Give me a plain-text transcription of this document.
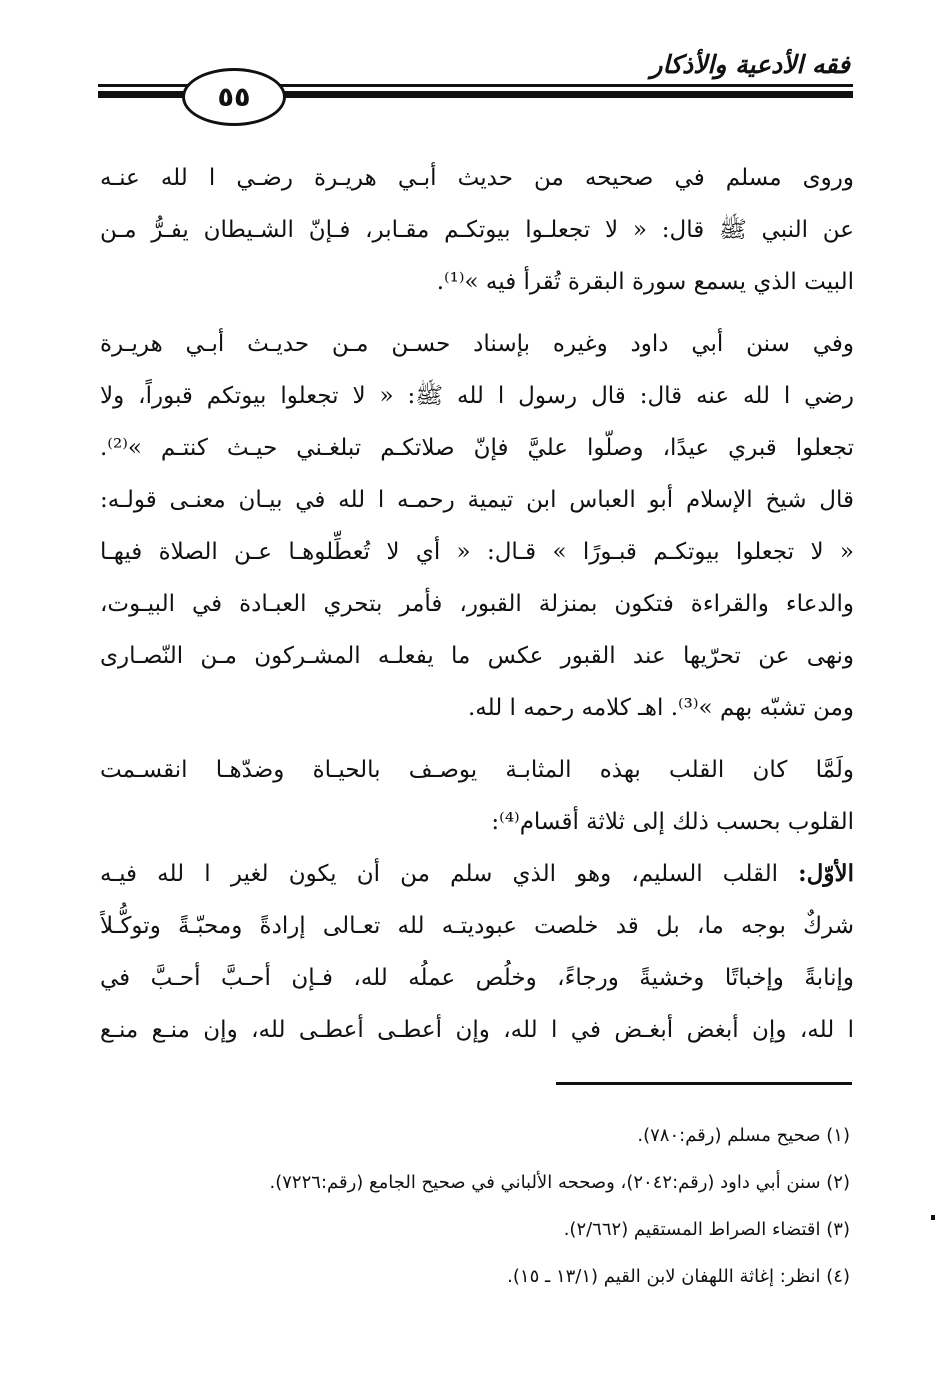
فقه الأدعية والأذكار
٥٥
وروى مسلم في صحيحه من حديث أبـي هريـرة رضـي ا لله عنـه
عن النبي ﷺ قال: « لا تجعلـوا بيوتكـم مقـابر، فـإنّ الشـيطان يفـرُّ مـن
البيت الذي يسمع سورة البقرة تُقرأ فيه »⁽¹⁾.
وفي سنن أبي داود وغيره بإسناد حسـن مـن حديـث أبـي هريـرة
رضي ا لله عنه قال: قال رسول ا لله ﷺ: « لا تجعلوا بيوتكم قبوراً، ولا
تجعلوا قبري عيدًا، وصلّوا عليَّ فإنّ صلاتكـم تبلغـني حيـث كنتـم »⁽²⁾.
قال شيخ الإسلام أبو العباس ابن تيمية رحمـه ا لله في بيـان معنـى قولـه:
« لا تجعلوا بيوتكـم قبـورًا » قـال: « أي لا تُعطِّلوهـا عـن الصلاة فيهـا
والدعاء والقراءة فتكون بمنزلة القبور، فأمر بتحري العبـادة في البيـوت،
ونهى عن تحرّيها عند القبور عكس ما يفعلـه المشـركون مـن النّصـارى
ومن تشبّه بهم »⁽³⁾. اهـ كلامه رحمه ا لله.
ولَمَّا كان القلب بهذه المثابـة يوصـف بالحيـاة وضدّهـا انقسـمت
القلوب بحسب ذلك إلى ثلاثة أقسام⁽⁴⁾:
الأوّل: القلب السليم، وهو الذي سلم من أن يكون لغير ا لله فيـه
شركٌ بوجه ما، بل قد خلصت عبوديتـه لله تعـالى إرادةً ومحبّـةً وتوكُّـلاً
وإنابةً وإخباتًا وخشيةً ورجاءً، وخلُص عملُه لله، فـإن أحـبَّ أحـبَّ في
ا لله، وإن أبغض أبغـض في ا لله، وإن أعطـى أعطـى لله، وإن منـع منـع
(١) صحيح مسلم (رقم:٧٨٠).
(٢) سنن أبي داود (رقم:٢٠٤٢)، وصححه الألباني في صحيح الجامع (رقم:٧٢٢٦).
(٣) اقتضاء الصراط المستقيم (٢/٦٦٢).
(٤) انظر: إغاثة اللهفان لابن القيم (١٣/١ ـ ١٥).
